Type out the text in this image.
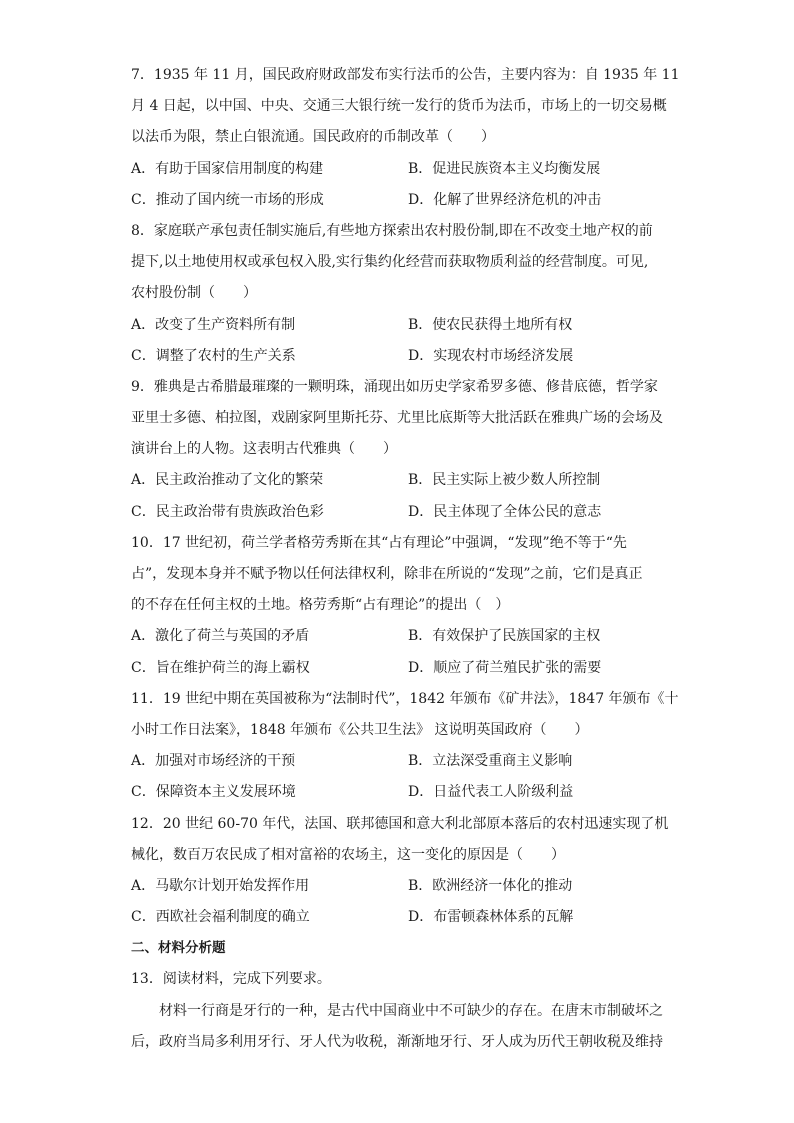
7．1935 年 11 月，国民政府财政部发布实行法币的公告，主要内容为：自 1935 年 11
月 4 日起，以中国、中央、交通三大银行统一发行的货币为法币，市场上的一切交易概
以法币为限，禁止白银流通。国民政府的币制改革（　　）
A．有助于国家信用制度的构建	B．促进民族资本主义均衡发展
C．推动了国内统一市场的形成	D．化解了世界经济危机的冲击
8．家庭联产承包责任制实施后,有些地方探索出农村股份制,即在不改变土地产权的前
提下,以土地使用权或承包权入股,实行集约化经营而获取物质利益的经营制度。可见,
农村股份制（　　）
A．改变了生产资料所有制	B．使农民获得土地所有权
C．调整了农村的生产关系	D．实现农村市场经济发展
9．雅典是古希腊最璀璨的一颗明珠，涌现出如历史学家希罗多德、修昔底德，哲学家
亚里士多德、柏拉图，戏剧家阿里斯托芬、尤里比底斯等大批活跃在雅典广场的会场及
演讲台上的人物。这表明古代雅典（　　）
A．民主政治推动了文化的繁荣	B．民主实际上被少数人所控制
C．民主政治带有贵族政治色彩	D．民主体现了全体公民的意志
10．17 世纪初，荷兰学者格劳秀斯在其“占有理论”中强调，“发现”绝不等于“先
占”，发现本身并不赋予物以任何法律权利，除非在所说的“发现”之前，它们是真正
的不存在任何主权的土地。格劳秀斯“占有理论”的提出（　）
A．激化了荷兰与英国的矛盾	B．有效保护了民族国家的主权
C．旨在维护荷兰的海上霸权	D．顺应了荷兰殖民扩张的需要
11．19 世纪中期在英国被称为“法制时代”，1842 年颁布《矿井法》，1847 年颁布《十
小时工作日法案》，1848 年颁布《公共卫生法》 这说明英国政府（　　）
A．加强对市场经济的干预	B．立法深受重商主义影响
C．保障资本主义发展环境	D．日益代表工人阶级利益
12．20 世纪 60-70 年代，法国、联邦德国和意大利北部原本落后的农村迅速实现了机
械化，数百万农民成了相对富裕的农场主，这一变化的原因是（　　）
A．马歇尔计划开始发挥作用	B．欧洲经济一体化的推动
C．西欧社会福利制度的确立	D．布雷顿森林体系的瓦解
二、材料分析题
13．阅读材料，完成下列要求。
材料一行商是牙行的一种，是古代中国商业中不可缺少的存在。在唐末市制破坏之
后，政府当局多利用牙行、牙人代为收税，渐渐地牙行、牙人成为历代王朝收税及维持
